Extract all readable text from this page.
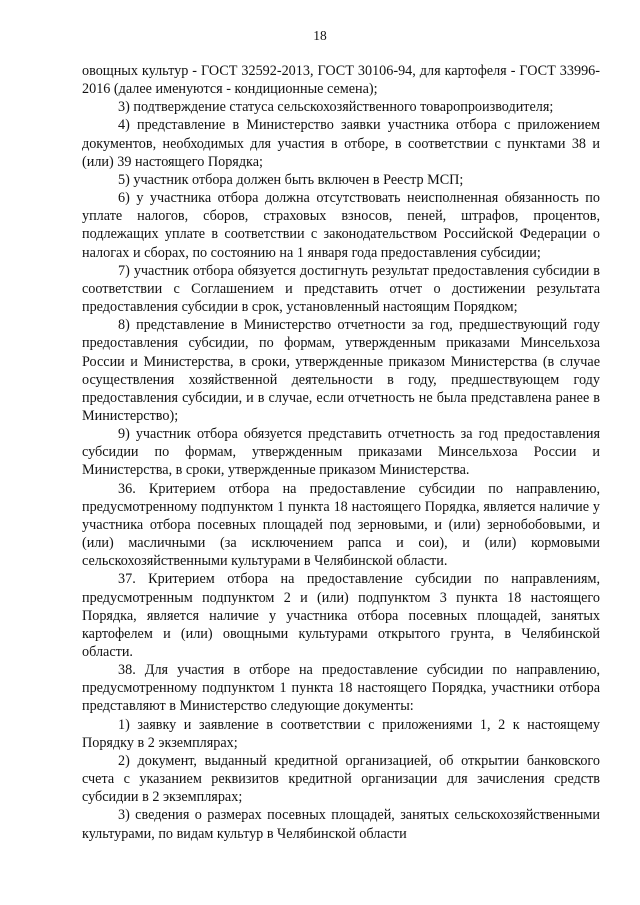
18

овощных культур - ГОСТ 32592-2013, ГОСТ 30106-94, для картофеля - ГОСТ 33996-2016 (далее именуются - кондиционные семена);

3) подтверждение статуса сельскохозяйственного товаропроизводителя;

4) представление в Министерство заявки участника отбора с приложением документов, необходимых для участия в отборе, в соответствии с пунктами 38 и (или) 39 настоящего Порядка;

5) участник отбора должен быть включен в Реестр МСП;

6) у участника отбора должна отсутствовать неисполненная обязанность по уплате налогов, сборов, страховых взносов, пеней, штрафов, процентов, подлежащих уплате в соответствии с законодательством Российской Федерации о налогах и сборах, по состоянию на 1 января года предоставления субсидии;

7) участник отбора обязуется достигнуть результат предоставления субсидии в соответствии с Соглашением и представить отчет о достижении результата предоставления субсидии в срок, установленный настоящим Порядком;

8) представление в Министерство отчетности за год, предшествующий году предоставления субсидии, по формам, утвержденным приказами Минсельхоза России и Министерства, в сроки, утвержденные приказом Министерства (в случае осуществления хозяйственной деятельности в году, предшествующем году предоставления субсидии, и в случае, если отчетность не была представлена ранее в Министерство);

9) участник отбора обязуется представить отчетность за год предоставления субсидии по формам, утвержденным приказами Минсельхоза России и Министерства, в сроки, утвержденные приказом Министерства.

36. Критерием отбора на предоставление субсидии по направлению, предусмотренному подпунктом 1 пункта 18 настоящего Порядка, является наличие у участника отбора посевных площадей под зерновыми, и (или) зернобобовыми, и (или) масличными (за исключением рапса и сои), и (или) кормовыми сельскохозяйственными культурами в Челябинской области.

37. Критерием отбора на предоставление субсидии по направлениям, предусмотренным подпунктом 2 и (или) подпунктом 3 пункта 18 настоящего Порядка, является наличие у участника отбора посевных площадей, занятых картофелем и (или) овощными культурами открытого грунта, в Челябинской области.

38. Для участия в отборе на предоставление субсидии по направлению, предусмотренному подпунктом 1 пункта 18 настоящего Порядка, участники отбора представляют в Министерство следующие документы:

1) заявку и заявление в соответствии с приложениями 1, 2 к настоящему Порядку в 2 экземплярах;

2) документ, выданный кредитной организацией, об открытии банковского счета с указанием реквизитов кредитной организации для зачисления средств субсидии в 2 экземплярах;

3) сведения о размерах посевных площадей, занятых сельскохозяйственными культурами, по видам культур в Челябинской области
